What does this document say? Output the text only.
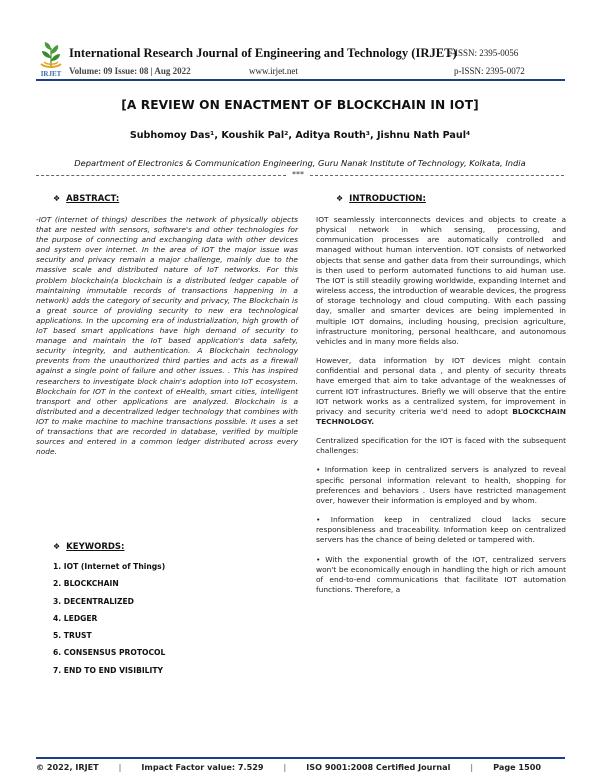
IRJET
International Research Journal of Engineering and Technology (IRJET)
Volume: 09 Issue: 08 | Aug 2022	www.irjet.net
e-ISSN: 2395-0056
p-ISSN: 2395-0072
[A REVIEW ON ENACTMENT OF BLOCKCHAIN IN IOT]
Subhomoy Das¹, Koushik Pal², Aditya Routh³, Jishnu Nath Paul⁴
Department of Electronics & Communication Engineering, Guru Nanak Institute of Technology, Kolkata, India
***
❖ ABSTRACT:
-IOT (internet of things) describes the network of physically objects that are nested with sensors, software's and other technologies for the purpose of connecting and exchanging data with other devices and system over internet. In the area of IOT the major issue was security and privacy remain a major challenge, mainly due to the massive scale and distributed nature of IoT networks. For this problem blockchain(a blockchain is a distributed ledger capable of maintaining immutable records of transactions happening in a network) adds the category of security and privacy, The Blockchain is a great source of providing security to new era technological applications. In the upcoming era of industrialization, high growth of IoT based smart applications have high demand of security to manage and maintain the IoT based application's data safety, security integrity, and authentication. A Blockchain technology prevents from the unauthorized third parties and acts as a firewall against a single point of failure and other issues. . This has inspired researchers to investigate block chain's adoption into IoT ecosystem. Blockchain for IOT in the context of eHealth, smart cities, intelligent transport and other applications are analyzed. Blockchain is a distributed and a decentralized ledger technology that combines with IOT to make machine to machine transactions possible. It uses a set of transactions that are recorded in database, verified by multiple sources and entered in a common ledger distributed across every node.
❖ KEYWORDS:
1. IOT (Internet of Things)
2. BLOCKCHAIN
3. DECENTRALIZED
4. LEDGER
5. TRUST
6. CONSENSUS PROTOCOL
7. END TO END VISIBILITY
❖ INTRODUCTION:

IOT seamlessly interconnects devices and objects to create a physical network in which sensing, processing, and communication processes are automatically controlled and managed without human intervention. IOT consists of networked objects that sense and gather data from their surroundings, which is then used to perform automated functions to aid human use. The IOT is still steadily growing worldwide, expanding Internet and wireless access, the introduction of wearable devices, the progress of storage technology and cloud computing. With each passing day, smaller and smarter devices are being implemented in multiple IOT domains, including housing, precision agriculture, infrastructure monitoring, personal healthcare, and autonomous vehicles and in many more fields also.

However, data information by IOT devices might contain confidential and personal data , and plenty of security threats have emerged that aim to take advantage of the weaknesses of current IOT infrastructures. Briefly we will observe that the entire IOT network works as a centralized system, for improvement in privacy and security criteria we'd need to adopt BLOCKCHAIN TECHNOLOGY.

Centralized specification for the IOT is faced with the subsequent challenges:

• Information keep in centralized servers is analyzed to reveal specific personal information relevant to health, shopping for preferences and behaviors . Users have restricted management over, however their information is employed and by whom.

• Information keep in centralized cloud lacks secure responsibleness and traceability. Information keep on centralized servers has the chance of being deleted or tampered with.

• With the exponential growth of the IOT, centralized servers won't be economically enough in handling the high or rich amount of end-to-end communications that facilitate IOT automation functions. Therefore, a

© 2022, IRJET | Impact Factor value: 7.529 | ISO 9001:2008 Certified Journal | Page 1500
